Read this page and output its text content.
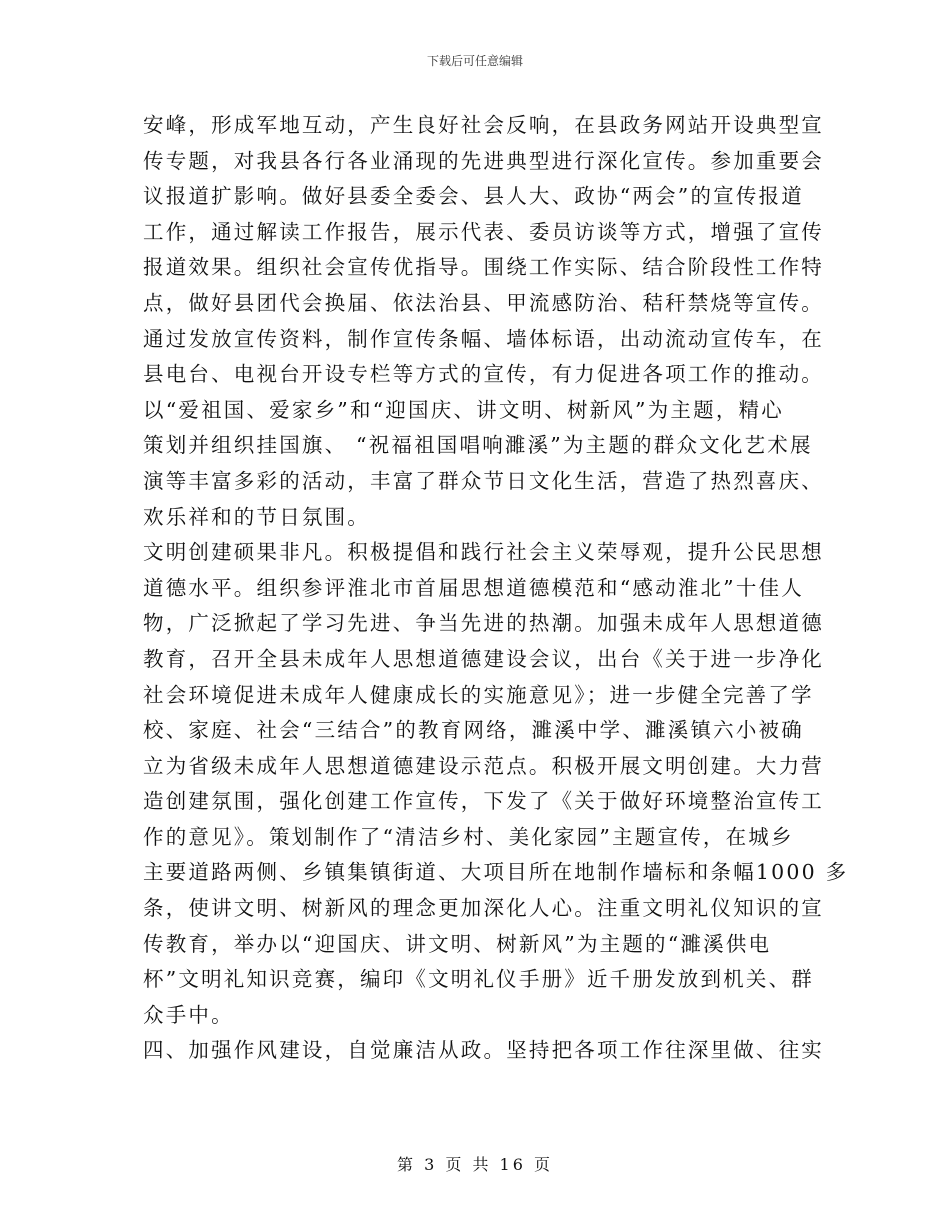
下载后可任意编辑
安峰，形成军地互动，产生良好社会反响，在县政务网站开设典型宣
传专题，对我县各行各业涌现的先进典型进行深化宣传。参加重要会
议报道扩影响。做好县委全委会、县人大、政协“两会”的宣传报道
工作，通过解读工作报告，展示代表、委员访谈等方式，增强了宣传
报道效果。组织社会宣传优指导。围绕工作实际、结合阶段性工作特
点，做好县团代会换届、依法治县、甲流感防治、秸秆禁烧等宣传。
通过发放宣传资料，制作宣传条幅、墙体标语，出动流动宣传车，在
县电台、电视台开设专栏等方式的宣传，有力促进各项工作的推动。
以“爱祖国、爱家乡”和“迎国庆、讲文明、树新风”为主题，精心
策划并组织挂国旗、 “祝福祖国唱响濉溪”为主题的群众文化艺术展
演等丰富多彩的活动，丰富了群众节日文化生活，营造了热烈喜庆、
欢乐祥和的节日氛围。
文明创建硕果非凡。积极提倡和践行社会主义荣辱观，提升公民思想
道德水平。组织参评淮北市首届思想道德模范和“感动淮北”十佳人
物，广泛掀起了学习先进、争当先进的热潮。加强未成年人思想道德
教育，召开全县未成年人思想道德建设会议，出台《关于进一步净化
社会环境促进未成年人健康成长的实施意见》；进一步健全完善了学
校、家庭、社会“三结合”的教育网络，濉溪中学、濉溪镇六小被确
立为省级未成年人思想道德建设示范点。积极开展文明创建。大力营
造创建氛围，强化创建工作宣传，下发了《关于做好环境整治宣传工
作的意见》。策划制作了“清洁乡村、美化家园”主题宣传，在城乡
主要道路两侧、乡镇集镇街道、大项目所在地制作墙标和条幅1000 多
条，使讲文明、树新风的理念更加深化人心。注重文明礼仪知识的宣
传教育，举办以“迎国庆、讲文明、树新风”为主题的“濉溪供电
杯”文明礼知识竞赛，编印《文明礼仪手册》近千册发放到机关、群
众手中。
四、加强作风建设，自觉廉洁从政。坚持把各项工作往深里做、往实
第 3 页 共 16 页
